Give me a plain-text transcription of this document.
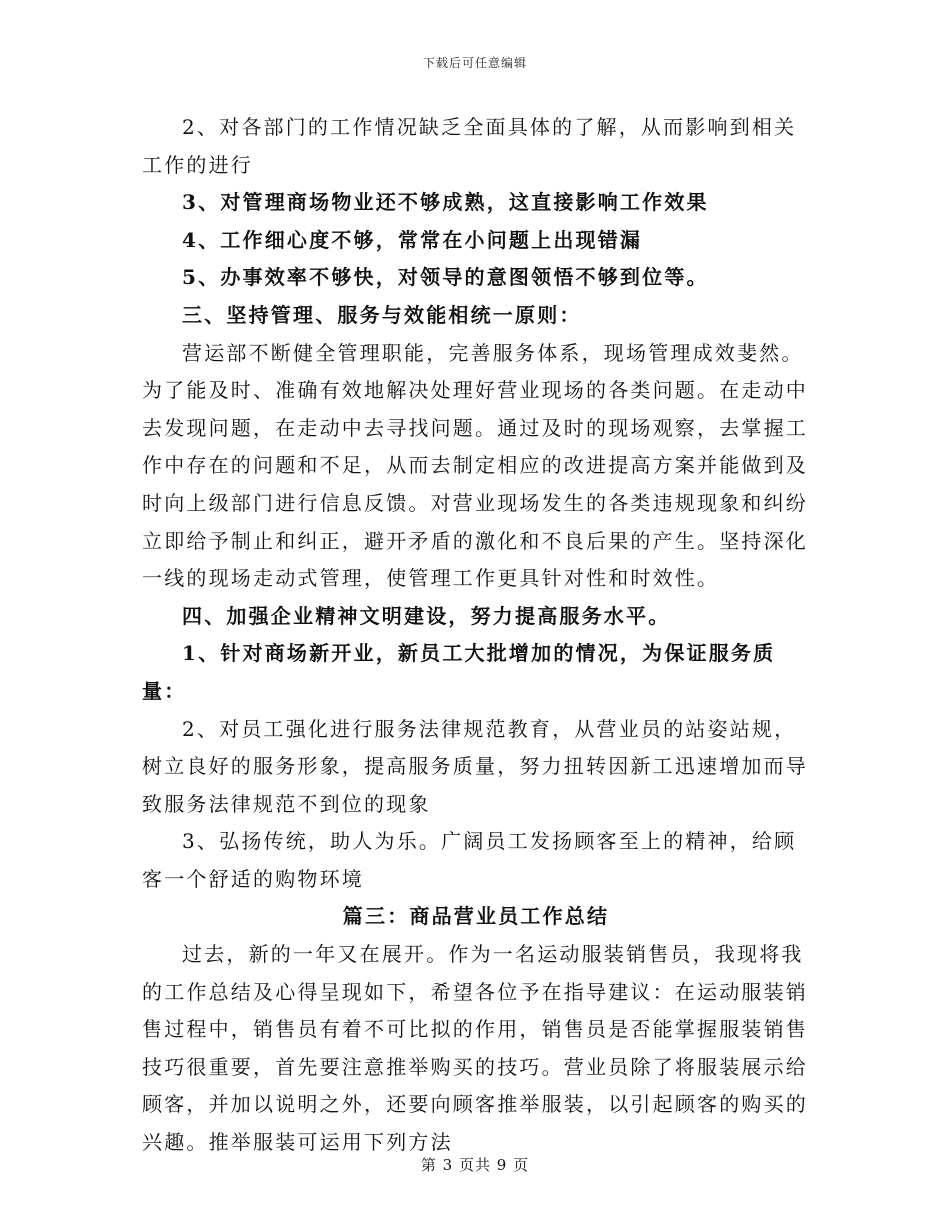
下载后可任意编辑

2、对各部门的工作情况缺乏全面具体的了解，从而影响到相关工作的进行

3、对管理商场物业还不够成熟，这直接影响工作效果

4、工作细心度不够，常常在小问题上出现错漏

5、办事效率不够快，对领导的意图领悟不够到位等。

三、坚持管理、服务与效能相统一原则：

营运部不断健全管理职能，完善服务体系，现场管理成效斐然。为了能及时、准确有效地解决处理好营业现场的各类问题。在走动中去发现问题，在走动中去寻找问题。通过及时的现场观察，去掌握工作中存在的问题和不足，从而去制定相应的改进提高方案并能做到及时向上级部门进行信息反馈。对营业现场发生的各类违规现象和纠纷立即给予制止和纠正，避开矛盾的激化和不良后果的产生。坚持深化一线的现场走动式管理，使管理工作更具针对性和时效性。

四、加强企业精神文明建设，努力提高服务水平。

1、针对商场新开业，新员工大批增加的情况，为保证服务质量：

2、对员工强化进行服务法律规范教育，从营业员的站姿站规，树立良好的服务形象，提高服务质量，努力扭转因新工迅速增加而导致服务法律规范不到位的现象

3、弘扬传统，助人为乐。广阔员工发扬顾客至上的精神，给顾客一个舒适的购物环境

篇三：商品营业员工作总结

过去，新的一年又在展开。作为一名运动服装销售员，我现将我的工作总结及心得呈现如下，希望各位予在指导建议：在运动服装销售过程中，销售员有着不可比拟的作用，销售员是否能掌握服装销售技巧很重要，首先要注意推举购买的技巧。营业员除了将服装展示给顾客，并加以说明之外，还要向顾客推举服装，以引起顾客的购买的兴趣。推举服装可运用下列方法

第 3 页共 9 页
